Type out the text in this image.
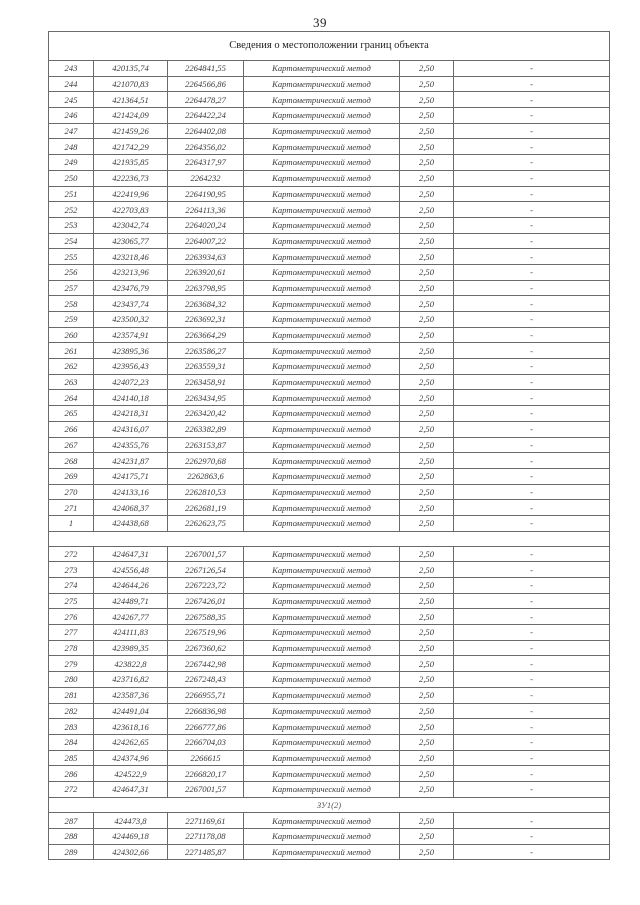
39
Сведения о местоположении границ объекта					
243	420135,74	2264841,55	Картометрический метод	2,50	-
244	421070,83	2264566,86	Картометрический метод	2,50	-
245	421364,51	2264478,27	Картометрический метод	2,50	-
246	421424,09	2264422,24	Картометрический метод	2,50	-
247	421459,26	2264402,08	Картометрический метод	2,50	-
248	421742,29	2264356,02	Картометрический метод	2,50	-
249	421935,85	2264317,97	Картометрический метод	2,50	-
250	422236,73	2264232	Картометрический метод	2,50	-
251	422419,96	2264190,95	Картометрический метод	2,50	-
252	422703,83	2264113,36	Картометрический метод	2,50	-
253	423042,74	2264020,24	Картометрический метод	2,50	-
254	423065,77	2264007,22	Картометрический метод	2,50	-
255	423218,46	2263934,63	Картометрический метод	2,50	-
256	423213,96	2263920,61	Картометрический метод	2,50	-
257	423476,79	2263798,95	Картометрический метод	2,50	-
258	423437,74	2263684,32	Картометрический метод	2,50	-
259	423500,32	2263692,31	Картометрический метод	2,50	-
260	423574,91	2263664,29	Картометрический метод	2,50	-
261	423895,36	2263586,27	Картометрический метод	2,50	-
262	423956,43	2263559,31	Картометрический метод	2,50	-
263	424072,23	2263458,91	Картометрический метод	2,50	-
264	424140,18	2263434,95	Картометрический метод	2,50	-
265	424218,31	2263420,42	Картометрический метод	2,50	-
266	424316,07	2263382,89	Картометрический метод	2,50	-
267	424355,76	2263153,87	Картометрический метод	2,50	-
268	424231,87	2262970,68	Картометрический метод	2,50	-
269	424175,71	2262863,6	Картометрический метод	2,50	-
270	424133,16	2262810,53	Картометрический метод	2,50	-
271	424068,37	2262681,19	Картометрический метод	2,50	-
1	424438,68	2262623,75	Картометрический метод	2,50	-

272	424647,31	2267001,57	Картометрический метод	2,50	-
273	424556,48	2267126,54	Картометрический метод	2,50	-
274	424644,26	2267223,72	Картометрический метод	2,50	-
275	424489,71	2267426,01	Картометрический метод	2,50	-
276	424267,77	2267588,35	Картометрический метод	2,50	-
277	424111,83	2267519,96	Картометрический метод	2,50	-
278	423989,35	2267360,62	Картометрический метод	2,50	-
279	423822,8	2267442,98	Картометрический метод	2,50	-
280	423716,82	2267248,43	Картометрический метод	2,50	-
281	423587,36	2266955,71	Картометрический метод	2,50	-
282	424491,04	2266836,98	Картометрический метод	2,50	-
283	423618,16	2266777,86	Картометрический метод	2,50	-
284	424262,65	2266704,03	Картометрический метод	2,50	-
285	424374,96	2266615	Картометрический метод	2,50	-
286	424522,9	2266820,17	Картометрический метод	2,50	-
272	424647,31	2267001,57	Картометрический метод	2,50	-
ЗУ1(2)					
287	424473,8	2271169,61	Картометрический метод	2,50	-
288	424469,18	2271178,08	Картометрический метод	2,50	-
289	424302,66	2271485,87	Картометрический метод	2,50	-
